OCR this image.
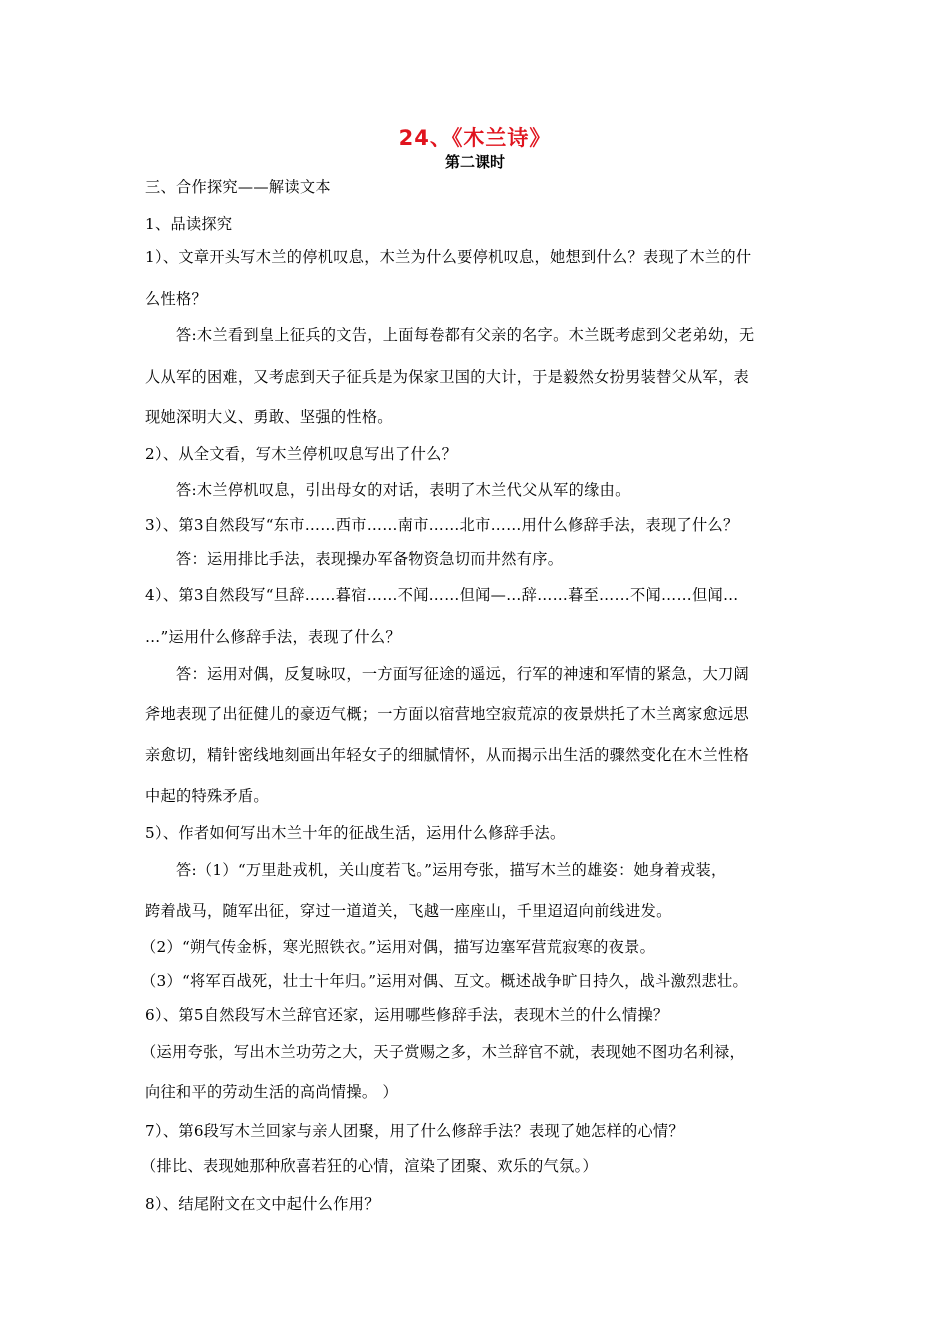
24、《木兰诗》
第二课时
三、合作探究——解读文本
1、品读探究
1）、文章开头写木兰的停机叹息，木兰为什么要停机叹息，她想到什么？表现了木兰的什
么性格？
答:木兰看到皇上征兵的文告，上面每卷都有父亲的名字。木兰既考虑到父老弟幼，无
人从军的困难，又考虑到天子征兵是为保家卫国的大计，于是毅然女扮男装替父从军，表
现她深明大义、勇敢、坚强的性格。
2）、从全文看，写木兰停机叹息写出了什么？
答:木兰停机叹息，引出母女的对话，表明了木兰代父从军的缘由。
3）、第3自然段写“东市……西市……南市……北市……用什么修辞手法，表现了什么？
答：运用排比手法，表现操办军备物资急切而井然有序。
4）、第3自然段写“旦辞……暮宿……不闻……但闻—…辞……暮至……不闻……但闻…
…”运用什么修辞手法，表现了什么？
答：运用对偶，反复咏叹，一方面写征途的遥远，行军的神速和军情的紧急，大刀阔
斧地表现了出征健儿的豪迈气概；一方面以宿营地空寂荒凉的夜景烘托了木兰离家愈远思
亲愈切，精针密线地刻画出年轻女子的细腻情怀，从而揭示出生活的骤然变化在木兰性格
中起的特殊矛盾。
5）、作者如何写出木兰十年的征战生活，运用什么修辞手法。
答:（1）“万里赴戎机，关山度若飞。”运用夸张，描写木兰的雄姿：她身着戎装，
跨着战马，随军出征，穿过一道道关，飞越一座座山，千里迢迢向前线进发。
（2）“朔气传金柝，寒光照铁衣。”运用对偶，描写边塞军营荒寂寒的夜景。
（3）“将军百战死，壮士十年归。”运用对偶、互文。概述战争旷日持久，战斗激烈悲壮。
6）、第5自然段写木兰辞官还家，运用哪些修辞手法，表现木兰的什么情操？
（运用夸张，写出木兰功劳之大，天子赏赐之多，木兰辞官不就，表现她不图功名利禄，
向往和平的劳动生活的高尚情操。 ）
7）、第6段写木兰回家与亲人团聚，用了什么修辞手法？表现了她怎样的心情？
（排比、表现她那种欣喜若狂的心情，渲染了团聚、欢乐的气氛。）
8）、结尾附文在文中起什么作用？
